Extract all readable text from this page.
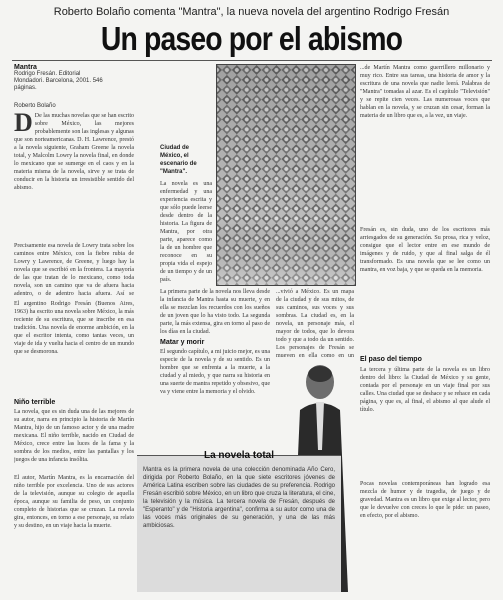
Roberto Bolaño comenta "Mantra", la nueva novela del argentino Rodrigo Fresán
Un paseo por el abismo
Mantra
Rodrigo Fresán. Editorial Mondadori. Barcelona, 2001. 546 páginas.
Roberto Bolaño
D De las muchas novelas que se han escrito sobre México, las mejores probablemente son las inglesas y algunas que son norteamericanas. D. H. Lawrence, prestó a la novela siguiente, Graham Greene la novela total, y Malcolm Lowry la novela final, en donde lo mexicano que se sumerge en el caos y en la materia misma de la novela, sirve y se trata de conducir en la historia un irresistible sentido del abismo.
Precisamente esa novela de Lowry trata sobre los caminos entre México, con la fiebre rubia de Lowry y Lawrence, de Greene, y luego hay la novela que se escribió en la frontera. La mayoría de las que tratan de lo mexicano, como toda novela, son un camino que va de afuera hacia adentro, o de adentro hacia afuera. Así se
El argentino Rodrigo Fresán (Buenos Aires, 1963) ha escrito una novela sobre México, la más reciente de su escritura, que se inscribe en esa tradición. Una novela de enorme ambición, en la que el escritor intenta, como tantas veces, un viaje de ida y vuelta hacia el centro de un mundo que se desmorona.
Niño terrible
La novela, que es sin duda una de las mejores de su autor, narra en principio la historia de Martín Mantra, hijo de un famoso actor y de una madre mexicana. El niño terrible, nacido en Ciudad de México, crece entre las luces de la fama y la sombra de los medios, entre las pantallas y los juegos de una infancia insólita.
El autor, Martín Mantra, es la encarnación del niño terrible por excelencia. Uno de sus actores de la televisión, aunque su colegio de aquella época, aunque su familia de peso, un conjunto completo de historias que se cruzan. La novela gira, entonces, en torno a ese personaje, su relato y su destino, en un viaje hacia la muerte.
Ciudad de México, el escenario de "Mantra".
La novela es una enfermedad y una experiencia escrita y que sólo puede leerse desde dentro de la historia. La figura de Mantra, por otra parte, aparece como la de un hombre que reconoce en su propia vida el espejo de un tiempo y de un país.
La primera parte de la novela nos lleva desde la infancia de Mantra hasta su muerte, y en ella se mezclan los recuerdos con los sueños de un joven que lo ha visto todo. La segunda parte, la más extensa, gira en torno al paso de los días en la ciudad.
Matar y morir
El segundo capítulo, a mi juicio mejor, es una especie de la novela y de su sentido. Es un hombre que se enfrenta a la muerte, a la ciudad y al miedo, y que narra su historia en una suerte de mantra repetido y obsesivo, que va y viene entre la memoria y el olvido.
...vivió a México. Es un mapa de la ciudad y de sus mitos, de sus caminos, sus voces y sus sombras. La ciudad es, en la novela, un personaje más, el mayor de todos, que lo devora todo y que a todo da un sentido. Los personajes de Fresán se mueven en ella como en un
...de Martín Mantra como guerrillero millonario y muy rico. Entre sus tareas, una historia de amor y la escritura de una novela que nadie leerá. Palabras de "Mantra" tomadas al azar. Es el capítulo "Televisión" y se repite cien veces. Las numerosas voces que hablan en la novela, y se cruzan sin cesar, forman la materia de un libro que es, a la vez, un viaje.
Fresán es, sin duda, uno de los escritores más arriesgados de su generación. Su prosa, rica y veloz, consigue que el lector entre en ese mundo de imágenes y de ruido, y que al final salga de él transformado. Es una novela que se lee como un mantra, en voz baja, y que se queda en la memoria.
El paso del tiempo
La tercera y última parte de la novela es un libro dentro del libro: la Ciudad de México y su gente, contada por el personaje en un viaje final por sus calles. Una ciudad que se deshace y se rehace en cada página, y que es, al final, el abismo al que alude el título.
Pocas novelas contemporáneas han logrado esa mezcla de humor y de tragedia, de juego y de gravedad. Mantra es un libro que exige al lector, pero que le devuelve con creces lo que le pide: un paseo, en efecto, por el abismo.
La novela total
Mantra es la primera novela de una colección denominada Año Cero, dirigida por Roberto Bolaño, en la que siete escritores jóvenes de América Latina escriben sobre las ciudades de su preferencia. Rodrigo Fresán escribió sobre México, en un libro que cruza la literatura, el cine, la televisión y la música. La tercera novela de Fresán, después de "Esperanto" y de "Historia argentina", confirma a su autor como una de las voces más originales de su generación, y una de las más ambiciosas.
